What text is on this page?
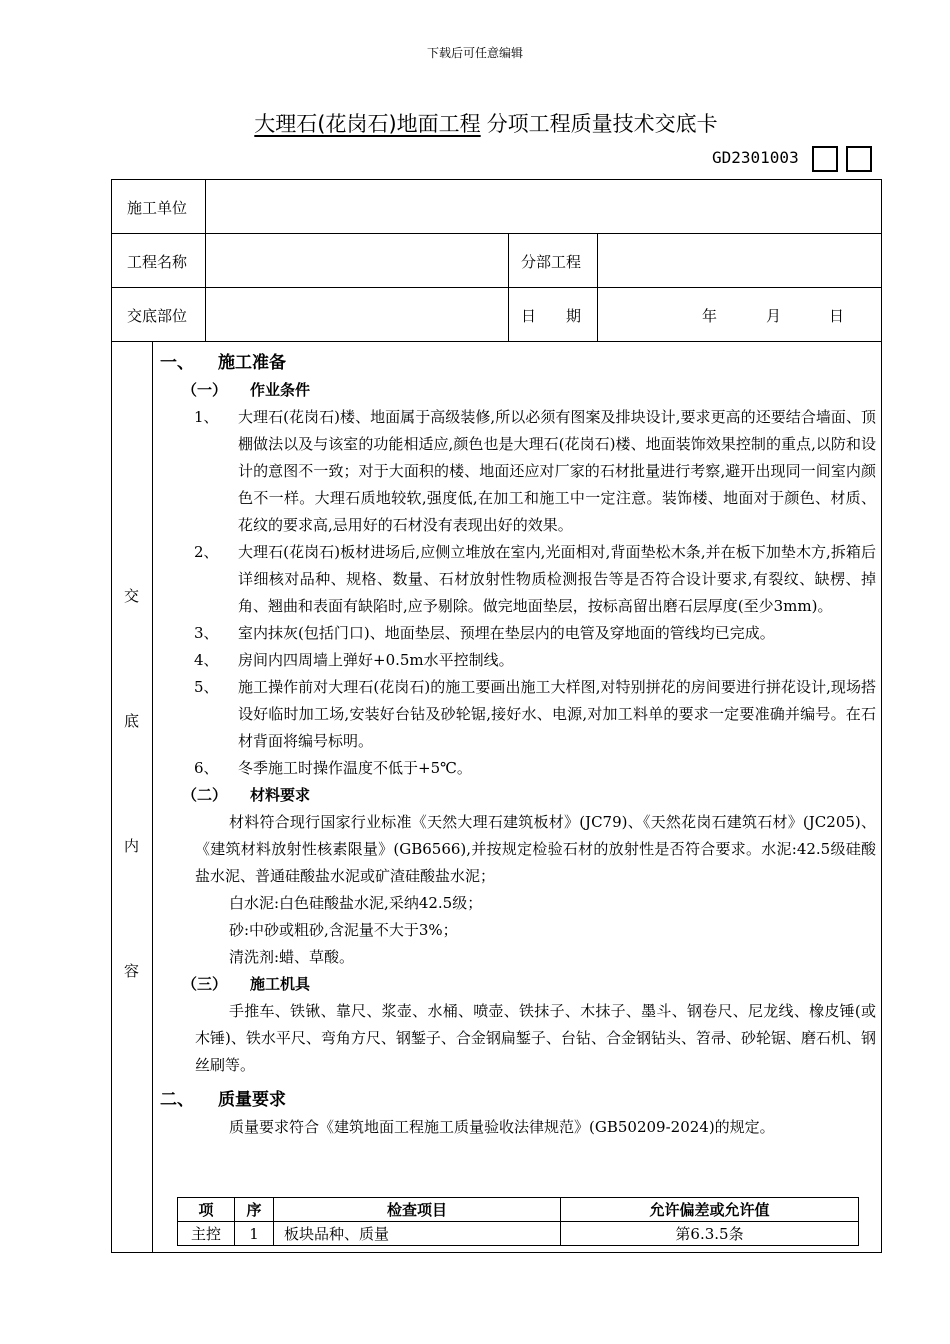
下载后可任意编辑
大理石(花岗石)地面工程 分项工程质量技术交底卡
GD2301003
施工单位
工程名称	分部工程
交底部位	日　　期	年	月	日
交
底
内
容

一、 施工准备

（一） 作业条件

1、	大理石(花岗石)楼、地面属于高级装修,所以必须有图案及排块设计,要求更高的还要结合墙面、顶棚做法以及与该室的功能相适应,颜色也是大理石(花岗石)楼、地面装饰效果控制的重点,以防和设计的意图不一致；对于大面积的楼、地面还应对厂家的石材批量进行考察,避开出现同一间室内颜色不一样。大理石质地较软,强度低,在加工和施工中一定注意。装饰楼、地面对于颜色、材质、花纹的要求高,忌用好的石材没有表现出好的效果。
2、	大理石(花岗石)板材进场后,应侧立堆放在室内,光面相对,背面垫松木条,并在板下加垫木方,拆箱后详细核对品种、规格、数量、石材放射性物质检测报告等是否符合设计要求,有裂纹、缺楞、掉角、翘曲和表面有缺陷时,应予剔除。做完地面垫层，按标高留出磨石层厚度(至少3mm)。
3、	室内抹灰(包括门口)、地面垫层、预埋在垫层内的电管及穿地面的管线均已完成。
4、	房间内四周墙上弹好+0.5m水平控制线。
5、	施工操作前对大理石(花岗石)的施工要画出施工大样图,对特别拼花的房间要进行拼花设计,现场搭设好临时加工场,安装好台钻及砂轮锯,接好水、电源,对加工料单的要求一定要准确并编号。在石材背面将编号标明。
6、	冬季施工时操作温度不低于+5℃。

（二） 材料要求

材料符合现行国家行业标准《天然大理石建筑板材》(JC79)、《天然花岗石建筑石材》(JC205)、《建筑材料放射性核素限量》(GB6566),并按规定检验石材的放射性是否符合要求。水泥:42.5级硅酸盐水泥、普通硅酸盐水泥或矿渣硅酸盐水泥；

白水泥:白色硅酸盐水泥,采纳42.5级；

砂:中砂或粗砂,含泥量不大于3%；

清洗剂:蜡、草酸。

（三） 施工机具

手推车、铁锹、靠尺、浆壶、水桶、喷壶、铁抹子、木抹子、墨斗、钢卷尺、尼龙线、橡皮锤(或木锤)、铁水平尺、弯角方尺、钢錾子、合金钢扁錾子、台钻、合金钢钻头、笤帚、砂轮锯、磨石机、钢丝刷等。

二、 质量要求

质量要求符合《建筑地面工程施工质量验收法律规范》(GB50209-2024)的规定。

项	序	检查项目	允许偏差或允许值
主控	1	板块品种、质量	第6.3.5条
